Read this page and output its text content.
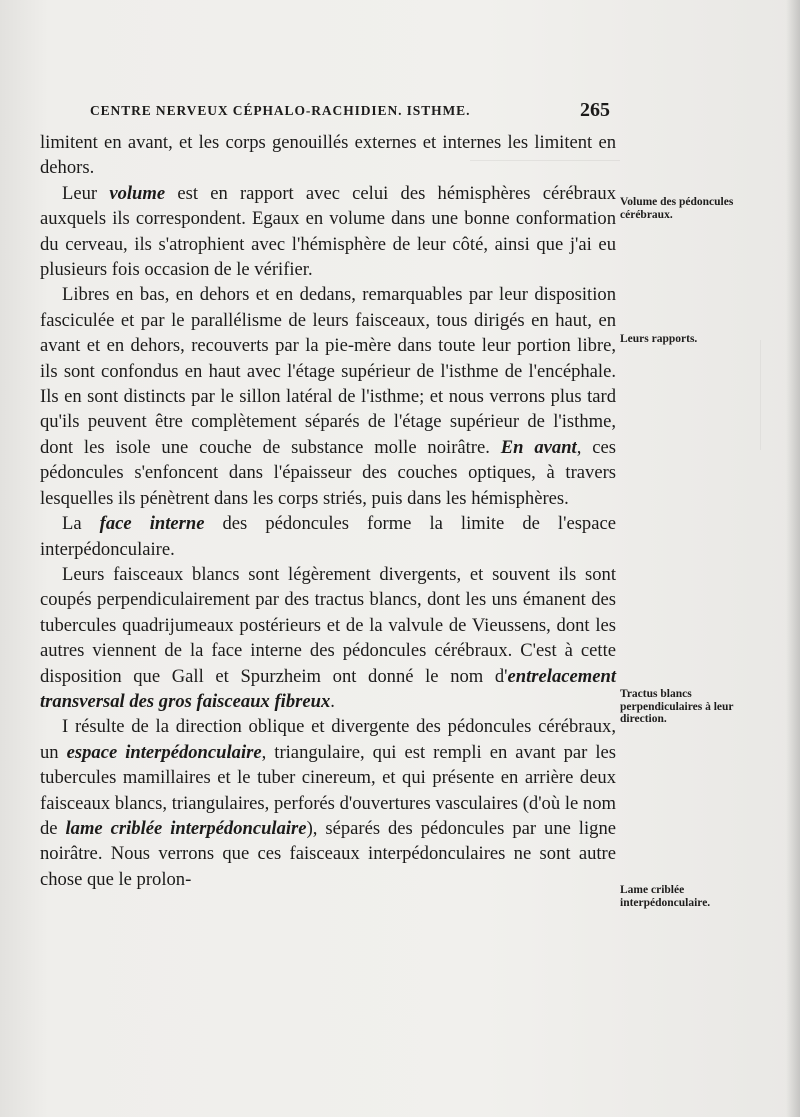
CENTRE NERVEUX CÉPHALO-RACHIDIEN. ISTHME.	265

limitent en avant, et les corps genouillés externes et internes les limitent en dehors.

Leur volume est en rapport avec celui des hémisphères cérébraux auxquels ils correspondent. Egaux en volume dans une bonne conformation du cerveau, ils s'atrophient avec l'hémisphère de leur côté, ainsi que j'ai eu plusieurs fois occasion de le vérifier.

Libres en bas, en dehors et en dedans, remarquables par leur disposition fasciculée et par le parallélisme de leurs faisceaux, tous dirigés en haut, en avant et en dehors, recouverts par la pie-mère dans toute leur portion libre, ils sont confondus en haut avec l'étage supérieur de l'isthme de l'encéphale. Ils en sont distincts par le sillon latéral de l'isthme; et nous verrons plus tard qu'ils peuvent être complètement séparés de l'étage supérieur de l'isthme, dont les isole une couche de substance molle noirâtre. En avant, ces pédoncules s'enfoncent dans l'épaisseur des couches optiques, à travers lesquelles ils pénètrent dans les corps striés, puis dans les hémisphères.

La face interne des pédoncules forme la limite de l'espace interpédonculaire.

Leurs faisceaux blancs sont légèrement divergents, et souvent ils sont coupés perpendiculairement par des tractus blancs, dont les uns émanent des tubercules quadrijumeaux postérieurs et de la valvule de Vieussens, dont les autres viennent de la face interne des pédoncules cérébraux. C'est à cette disposition que Gall et Spurzheim ont donné le nom d'entrelacement transversal des gros faisceaux fibreux.

I résulte de la direction oblique et divergente des pédoncules cérébraux, un espace interpédonculaire, triangulaire, qui est rempli en avant par les tubercules mamillaires et le tuber cinereum, et qui présente en arrière deux faisceaux blancs, triangulaires, perforés d'ouvertures vasculaires (d'où le nom de lame criblée interpédonculaire), séparés des pédoncules par une ligne noirâtre. Nous verrons que ces faisceaux interpédonculaires ne sont autre chose que le prolon-

Volume des pédoncules cérébraux.
Leurs rapports.
Tractus blancs perpendiculaires à leur direction.
Lame criblée interpédonculaire.
